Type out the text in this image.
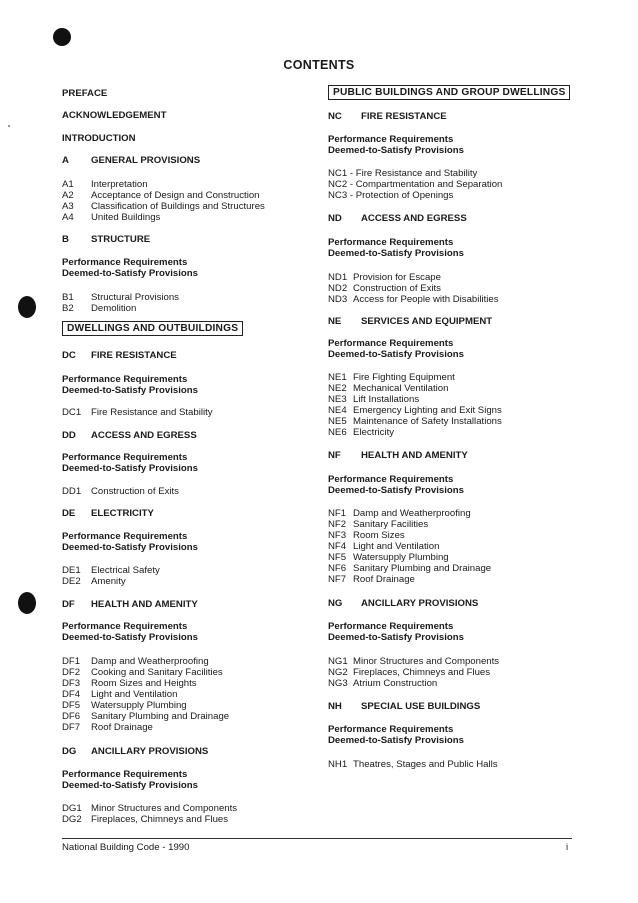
CONTENTS
PREFACE
ACKNOWLEDGEMENT
INTRODUCTION
A GENERAL PROVISIONS
A1 Interpretation
A2 Acceptance of Design and Construction
A3 Classification of Buildings and Structures
A4 United Buildings
B STRUCTURE
Performance Requirements
Deemed-to-Satisfy Provisions
B1 Structural Provisions
B2 Demolition
DWELLINGS AND OUTBUILDINGS
DC FIRE RESISTANCE
Performance Requirements
Deemed-to-Satisfy Provisions
DC1 Fire Resistance and Stability
DD ACCESS AND EGRESS
Performance Requirements
Deemed-to-Satisfy Provisions
DD1 Construction of Exits
DE ELECTRICITY
Performance Requirements
Deemed-to-Satisfy Provisions
DE1 Electrical Safety
DE2 Amenity
DF HEALTH AND AMENITY
Performance Requirements
Deemed-to-Satisfy Provisions
DF1 Damp and Weatherproofing
DF2 Cooking and Sanitary Facilities
DF3 Room Sizes and Heights
DF4 Light and Ventilation
DF5 Watersupply Plumbing
DF6 Sanitary Plumbing and Drainage
DF7 Roof Drainage
DG ANCILLARY PROVISIONS
Performance Requirements
Deemed-to-Satisfy Provisions
DG1 Minor Structures and Components
DG2 Fireplaces, Chimneys and Flues
PUBLIC BUILDINGS AND GROUP DWELLINGS
NC FIRE RESISTANCE
Performance Requirements
Deemed-to-Satisfy Provisions
NC1 - Fire Resistance and Stability
NC2 - Compartmentation and Separation
NC3 - Protection of Openings
ND ACCESS AND EGRESS
Performance Requirements
Deemed-to-Satisfy Provisions
ND1 Provision for Escape
ND2 Construction of Exits
ND3 Access for People with Disabilities
NE SERVICES AND EQUIPMENT
Performance Requirements
Deemed-to-Satisfy Provisions
NE1 Fire Fighting Equipment
NE2 Mechanical Ventilation
NE3 Lift Installations
NE4 Emergency Lighting and Exit Signs
NE5 Maintenance of Safety Installations
NE6 Electricity
NF HEALTH AND AMENITY
Performance Requirements
Deemed-to-Satisfy Provisions
NF1 Damp and Weatherproofing
NF2 Sanitary Facilities
NF3 Room Sizes
NF4 Light and Ventilation
NF5 Watersupply Plumbing
NF6 Sanitary Plumbing and Drainage
NF7 Roof Drainage
NG ANCILLARY PROVISIONS
Performance Requirements
Deemed-to-Satisfy Provisions
NG1 Minor Structures and Components
NG2 Fireplaces, Chimneys and Flues
NG3 Atrium Construction
NH SPECIAL USE BUILDINGS
Performance Requirements
Deemed-to-Satisfy Provisions
NH1 Theatres, Stages and Public Halls
National Building Code - 1990	i
